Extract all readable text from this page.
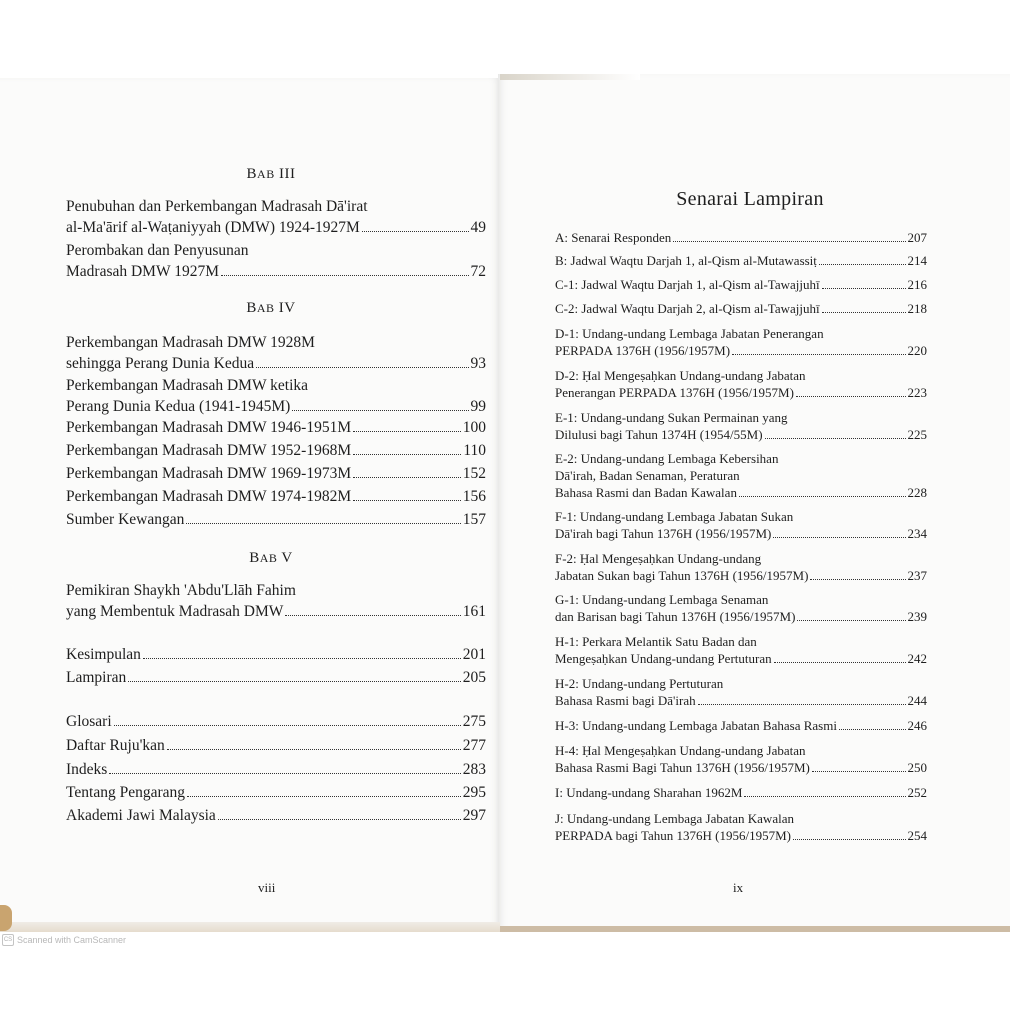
BAB III
Penubuhan dan Perkembangan Madrasah Dā'irat
al-Ma'ārif al-Waṭaniyyah (DMW) 1924-1927M	49
Perombakan dan Penyusunan
Madrasah DMW 1927M	72
BAB IV
Perkembangan Madrasah DMW 1928M
sehingga Perang Dunia Kedua	93
Perkembangan Madrasah DMW ketika
Perang Dunia Kedua (1941-1945M)	99
Perkembangan Madrasah DMW 1946-1951M	100
Perkembangan Madrasah DMW 1952-1968M	110
Perkembangan Madrasah DMW 1969-1973M	152
Perkembangan Madrasah DMW 1974-1982M	156
Sumber Kewangan	157
BAB V
Pemikiran Shaykh 'Abdu'Llāh Fahim
yang Membentuk Madrasah DMW	161
Kesimpulan	201
Lampiran	205
Glosari	275
Daftar Ruju'kan	277
Indeks	283
Tentang Pengarang	295
Akademi Jawi Malaysia	297
viii
Senarai Lampiran
A: Senarai Responden	207
B: Jadwal Waqtu Darjah 1, al-Qism al-Mutawassiṭ	214
C-1: Jadwal Waqtu Darjah 1, al-Qism al-Tawajjuhī	216
C-2: Jadwal Waqtu Darjah 2, al-Qism al-Tawajjuhī	218
D-1: Undang-undang Lembaga Jabatan Penerangan
PERPADA 1376H (1956/1957M)	220
D-2: Ḥal Mengeṣaḥkan Undang-undang Jabatan
Penerangan PERPADA 1376H (1956/1957M)	223
E-1: Undang-undang Sukan Permainan yang
Dilulusi bagi Tahun 1374H (1954/55M)	225
E-2: Undang-undang Lembaga Kebersihan
Dā'irah, Badan Senaman, Peraturan
Bahasa Rasmi dan Badan Kawalan	228
F-1: Undang-undang Lembaga Jabatan Sukan
Dā'irah bagi Tahun 1376H (1956/1957M)	234
F-2: Ḥal Mengeṣaḥkan Undang-undang
Jabatan Sukan bagi Tahun 1376H (1956/1957M)	237
G-1: Undang-undang Lembaga Senaman
dan Barisan bagi Tahun 1376H (1956/1957M)	239
H-1: Perkara Melantik Satu Badan dan
Mengeṣaḥkan Undang-undang Pertuturan	242
H-2: Undang-undang Pertuturan
Bahasa Rasmi bagi Dā'irah	244
H-3: Undang-undang Lembaga Jabatan Bahasa Rasmi	246
H-4: Ḥal Mengeṣaḥkan Undang-undang Jabatan
Bahasa Rasmi Bagi Tahun 1376H (1956/1957M)	250
I: Undang-undang Sharahan 1962M	252
J: Undang-undang Lembaga Jabatan Kawalan
PERPADA bagi Tahun 1376H (1956/1957M)	254
ix
CS Scanned with CamScanner
